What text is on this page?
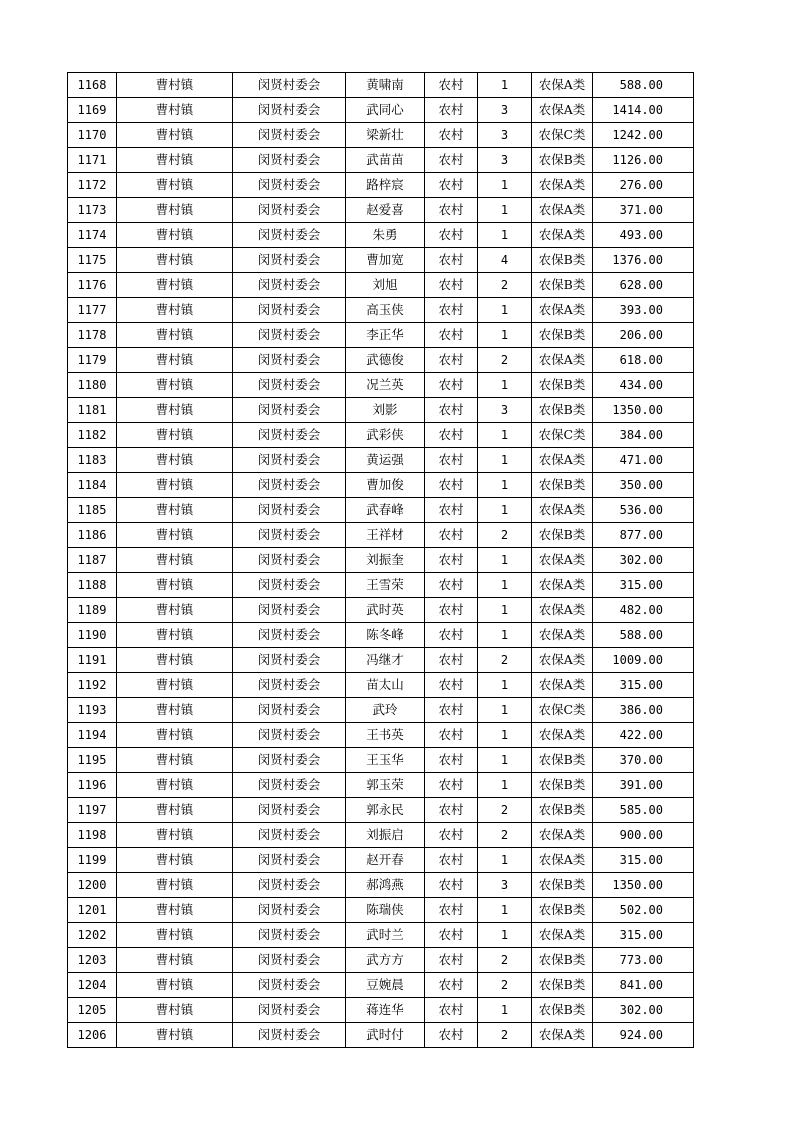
1168	曹村镇	闵贤村委会	黄啸南	农村	1	农保A类	588.00
1169	曹村镇	闵贤村委会	武同心	农村	3	农保A类	1414.00
1170	曹村镇	闵贤村委会	梁新壮	农村	3	农保C类	1242.00
1171	曹村镇	闵贤村委会	武苗苗	农村	3	农保B类	1126.00
1172	曹村镇	闵贤村委会	路梓宸	农村	1	农保A类	276.00
1173	曹村镇	闵贤村委会	赵爱喜	农村	1	农保A类	371.00
1174	曹村镇	闵贤村委会	朱勇	农村	1	农保A类	493.00
1175	曹村镇	闵贤村委会	曹加宽	农村	4	农保B类	1376.00
1176	曹村镇	闵贤村委会	刘旭	农村	2	农保B类	628.00
1177	曹村镇	闵贤村委会	高玉侠	农村	1	农保A类	393.00
1178	曹村镇	闵贤村委会	李正华	农村	1	农保B类	206.00
1179	曹村镇	闵贤村委会	武德俊	农村	2	农保A类	618.00
1180	曹村镇	闵贤村委会	况兰英	农村	1	农保B类	434.00
1181	曹村镇	闵贤村委会	刘影	农村	3	农保B类	1350.00
1182	曹村镇	闵贤村委会	武彩侠	农村	1	农保C类	384.00
1183	曹村镇	闵贤村委会	黄运强	农村	1	农保A类	471.00
1184	曹村镇	闵贤村委会	曹加俊	农村	1	农保B类	350.00
1185	曹村镇	闵贤村委会	武春峰	农村	1	农保A类	536.00
1186	曹村镇	闵贤村委会	王祥材	农村	2	农保B类	877.00
1187	曹村镇	闵贤村委会	刘振奎	农村	1	农保A类	302.00
1188	曹村镇	闵贤村委会	王雪荣	农村	1	农保A类	315.00
1189	曹村镇	闵贤村委会	武时英	农村	1	农保A类	482.00
1190	曹村镇	闵贤村委会	陈冬峰	农村	1	农保A类	588.00
1191	曹村镇	闵贤村委会	冯继才	农村	2	农保A类	1009.00
1192	曹村镇	闵贤村委会	苗太山	农村	1	农保A类	315.00
1193	曹村镇	闵贤村委会	武玲	农村	1	农保C类	386.00
1194	曹村镇	闵贤村委会	王书英	农村	1	农保A类	422.00
1195	曹村镇	闵贤村委会	王玉华	农村	1	农保B类	370.00
1196	曹村镇	闵贤村委会	郭玉荣	农村	1	农保B类	391.00
1197	曹村镇	闵贤村委会	郭永民	农村	2	农保B类	585.00
1198	曹村镇	闵贤村委会	刘振启	农村	2	农保A类	900.00
1199	曹村镇	闵贤村委会	赵开春	农村	1	农保A类	315.00
1200	曹村镇	闵贤村委会	郝鸿燕	农村	3	农保B类	1350.00
1201	曹村镇	闵贤村委会	陈瑞侠	农村	1	农保B类	502.00
1202	曹村镇	闵贤村委会	武时兰	农村	1	农保A类	315.00
1203	曹村镇	闵贤村委会	武方方	农村	2	农保B类	773.00
1204	曹村镇	闵贤村委会	豆婉晨	农村	2	农保B类	841.00
1205	曹村镇	闵贤村委会	蒋连华	农村	1	农保B类	302.00
1206	曹村镇	闵贤村委会	武时付	农村	2	农保A类	924.00
